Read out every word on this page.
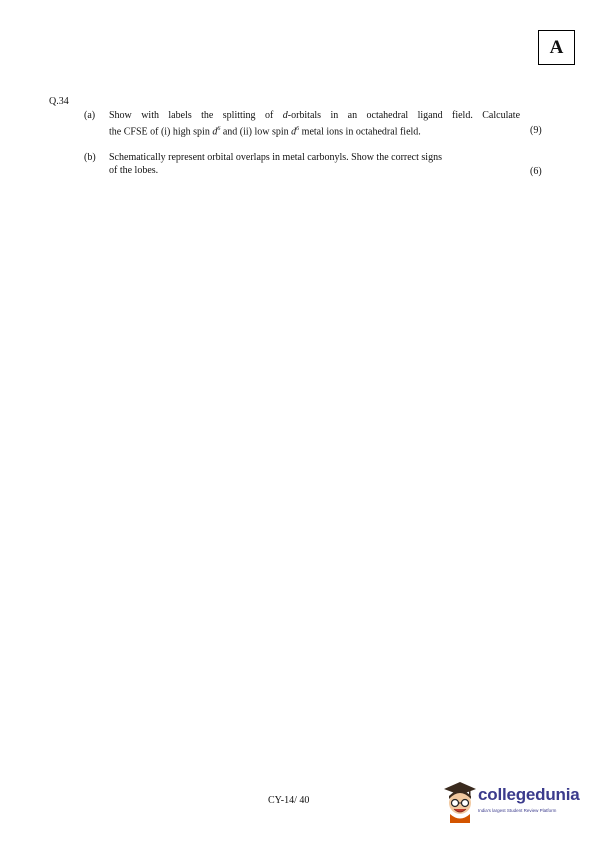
A
Q.34
(a) Show with labels the splitting of d-orbitals in an octahedral ligand field. Calculate
the CFSE of (i) high spin $d^6$ and (ii) low spin $d^6$ metal ions in octahedral field.	(9)
(b) Schematically represent orbital overlaps in metal carbonyls. Show the correct signs
of the lobes.	(6)
CY-14/ 40	collegedunia
India's largest Student Review Platform
